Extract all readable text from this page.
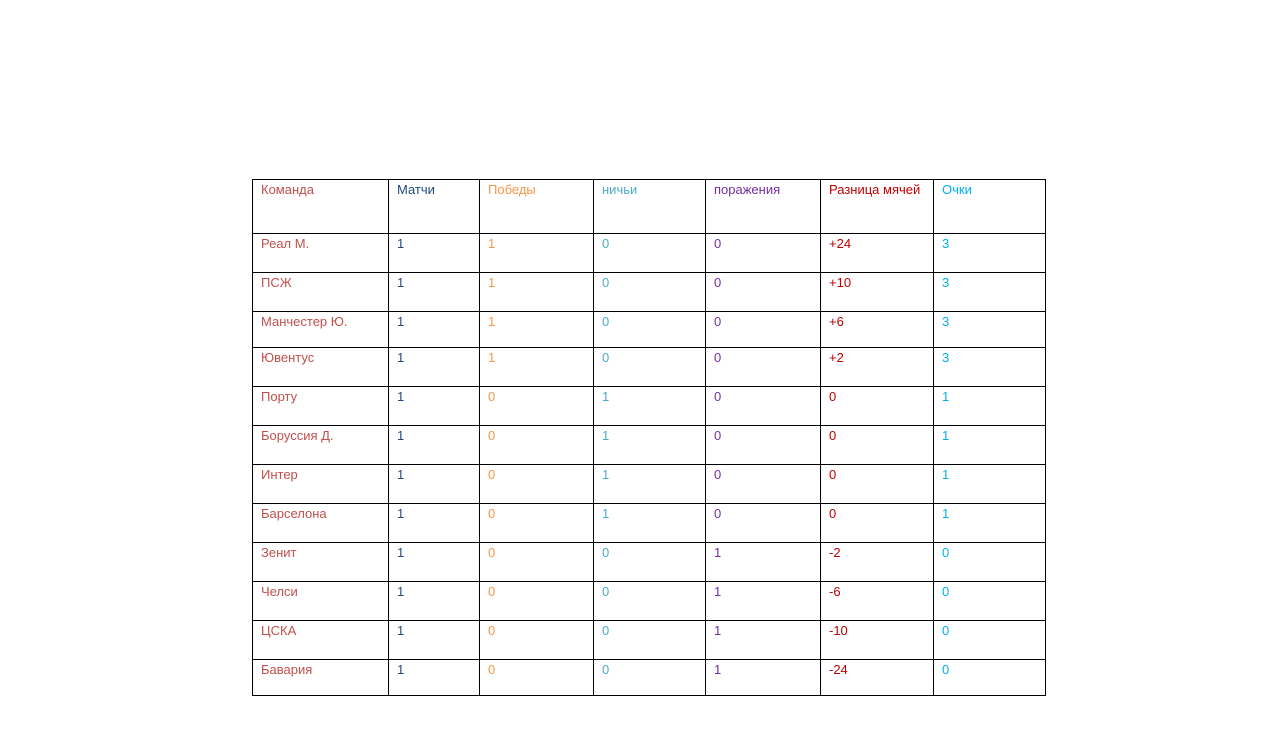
Команда	Матчи	Победы	ничьи	поражения	Разница мячей	Очки

Реал М.	1	1	0	0	+24	3

ПСЖ	1	1	0	0	+10	3

Манчестер Ю.	1	1	0	0	+6	3

Ювентус	1	1	0	0	+2	3

Порту	1	0	1	0	0	1

Боруссия Д.	1	0	1	0	0	1

Интер	1	0	1	0	0	1

Барселона	1	0	1	0	0	1

Зенит	1	0	0	1	-2	0

Челси	1	0	0	1	-6	0

ЦСКА	1	0	0	1	-10	0

Бавария	1	0	0	1	-24	0
